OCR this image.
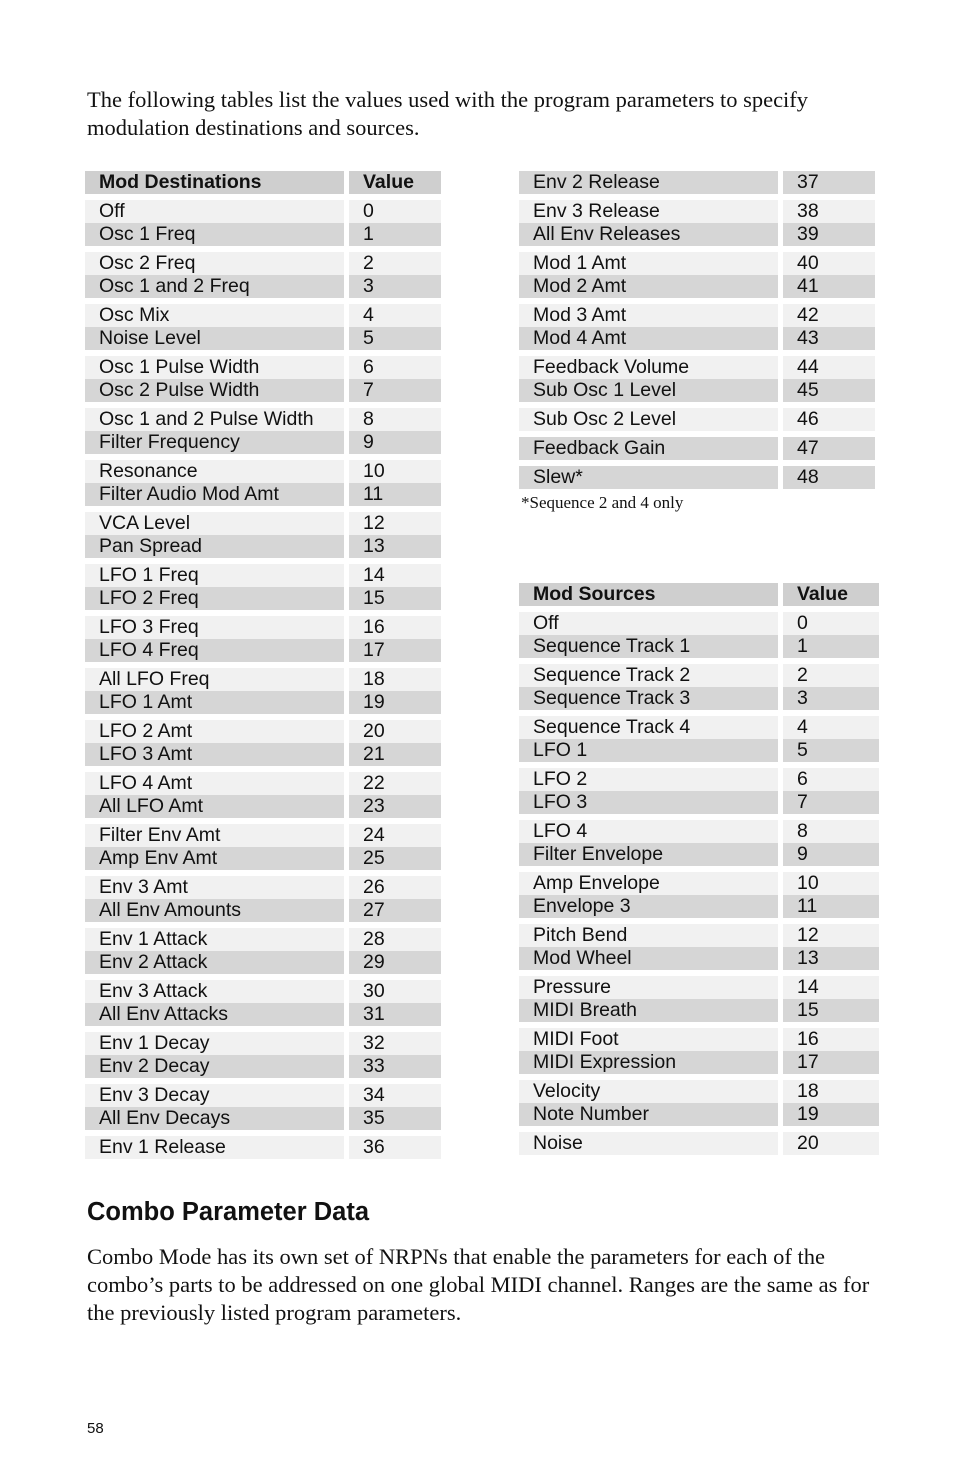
The following tables list the values used with the program parameters to specify modulation destinations and sources.

Mod Destinations		Value

Off		0
Osc 1 Freq		1

Osc 2 Freq		2
Osc 1 and 2 Freq		3

Osc Mix		4
Noise Level		5

Osc 1 Pulse Width		6
Osc 2 Pulse Width		7

Osc 1 and 2 Pulse Width		8
Filter Frequency		9

Resonance		10
Filter Audio Mod Amt		11

VCA Level		12
Pan Spread		13

LFO 1 Freq		14
LFO 2 Freq		15

LFO 3 Freq		16
LFO 4 Freq		17

All LFO Freq		18
LFO 1 Amt		19

LFO 2 Amt		20
LFO 3 Amt		21

LFO 4 Amt		22
All LFO Amt		23

Filter Env Amt		24
Amp Env Amt		25

Env 3 Amt		26
All Env Amounts		27

Env 1 Attack		28
Env 2 Attack		29

Env 3 Attack		30
All Env Attacks		31

Env 1 Decay		32
Env 2 Decay		33

Env 3 Decay		34
All Env Decays		35

Env 1 Release		36
Env 2 Release		37

Env 3 Release		38
All Env Releases		39

Mod 1 Amt		40
Mod 2 Amt		41

Mod 3 Amt		42
Mod 4 Amt		43

Feedback Volume		44
Sub Osc 1 Level		45

Sub Osc 2 Level		46

Feedback Gain		47

Slew*		48

*Sequence 2 and 4 only

Mod Sources		Value

Off		0
Sequence Track 1		1

Sequence Track 2		2
Sequence Track 3		3

Sequence Track 4		4
LFO 1		5

LFO 2		6
LFO 3		7

LFO 4		8
Filter Envelope		9

Amp Envelope		10
Envelope 3		11

Pitch Bend		12
Mod Wheel		13

Pressure		14
MIDI Breath		15

MIDI Foot		16
MIDI Expression		17

Velocity		18
Note Number		19

Noise		20
Combo Parameter Data

Combo Mode has its own set of NRPNs that enable the parameters for each of the combo’s parts to be addressed on one global MIDI channel. Ranges are the same as for the previously listed program parameters.

58
